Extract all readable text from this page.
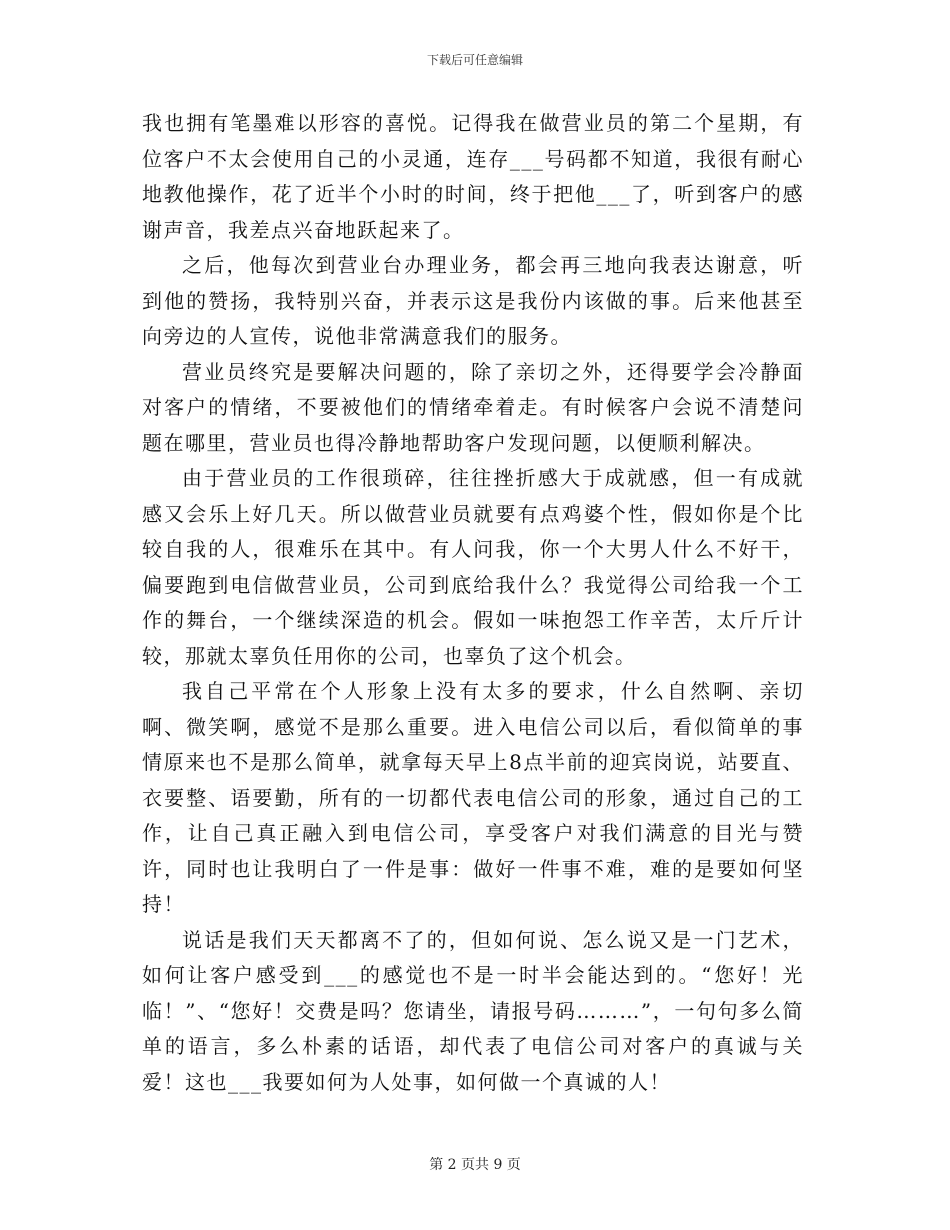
下载后可任意编辑

我也拥有笔墨难以形容的喜悦。记得我在做营业员的第二个星期，有位客户不太会使用自己的小灵通，连存___号码都不知道，我很有耐心地教他操作，花了近半个小时的时间，终于把他___了，听到客户的感谢声音，我差点兴奋地跃起来了。

之后，他每次到营业台办理业务，都会再三地向我表达谢意，听到他的赞扬，我特别兴奋，并表示这是我份内该做的事。后来他甚至向旁边的人宣传，说他非常满意我们的服务。

营业员终究是要解决问题的，除了亲切之外，还得要学会冷静面对客户的情绪，不要被他们的情绪牵着走。有时候客户会说不清楚问题在哪里，营业员也得冷静地帮助客户发现问题，以便顺利解决。

由于营业员的工作很琐碎，往往挫折感大于成就感，但一有成就感又会乐上好几天。所以做营业员就要有点鸡婆个性，假如你是个比较自我的人，很难乐在其中。有人问我，你一个大男人什么不好干，偏要跑到电信做营业员，公司到底给我什么？我觉得公司给我一个工作的舞台，一个继续深造的机会。假如一味抱怨工作辛苦，太斤斤计较，那就太辜负任用你的公司，也辜负了这个机会。

我自己平常在个人形象上没有太多的要求，什么自然啊、亲切啊、微笑啊，感觉不是那么重要。进入电信公司以后，看似简单的事情原来也不是那么简单，就拿每天早上8点半前的迎宾岗说，站要直、衣要整、语要勤，所有的一切都代表电信公司的形象，通过自己的工作，让自己真正融入到电信公司，享受客户对我们满意的目光与赞许，同时也让我明白了一件是事：做好一件事不难，难的是要如何坚持！

说话是我们天天都离不了的，但如何说、怎么说又是一门艺术，如何让客户感受到___的感觉也不是一时半会能达到的。“您好！光临！”、“您好！交费是吗？您请坐，请报号码………”，一句句多么简单的语言，多么朴素的话语，却代表了电信公司对客户的真诚与关爱！这也___我要如何为人处事，如何做一个真诚的人！

第 2 页共 9 页
